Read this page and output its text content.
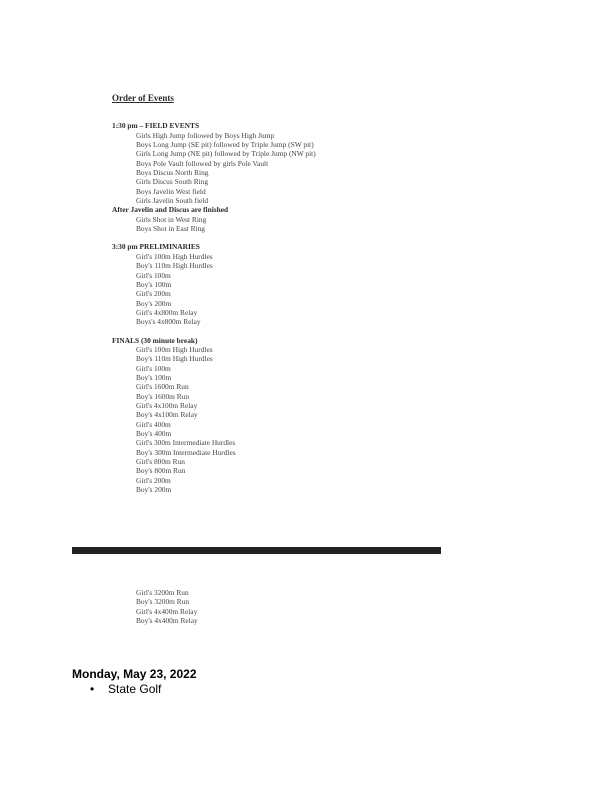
Order of Events
1:30 pm – FIELD EVENTS
Girls High Jump followed by Boys High Jump
Boys Long Jump (SE pit) followed by Triple Jump (SW pit)
Girls Long Jump (NE pit) followed by Triple Jump (NW pit)
Boys Pole Vault followed by girls Pole Vault
Boys Discus North Ring
Girls Discus South Ring
Boys Javelin West field
Girls Javelin South field
After Javelin and Discus are finished
Girls Shot in West Ring
Boys Shot in East Ring
3:30 pm PRELIMINARIES
Girl's 100m High Hurdles
Boy's 110m High Hurdles
Girl's 100m
Boy's 100m
Girl's 200m
Boy's 200m
Girl's 4x800m Relay
Boys's 4x800m Relay
FINALS (30 minute break)
Girl's 100m High Hurdles
Boy's 110m High Hurdles
Girl's 100m
Boy's 100m
Girl's 1600m Run
Boy's 1600m Run
Girl's 4x100m Relay
Boy's 4x100m Relay
Girl's 400m
Boy's 400m
Girl's 300m Intermediate Hurdles
Boy's 300m Intermediate Hurdles
Girl's 800m Run
Boy's 800m Run
Girl's 200m
Boy's 200m
Girl's 3200m Run
Boy's 3200m Run
Girl's 4x400m Relay
Boy's 4x400m Relay
Monday, May 23, 2022
• State Golf
